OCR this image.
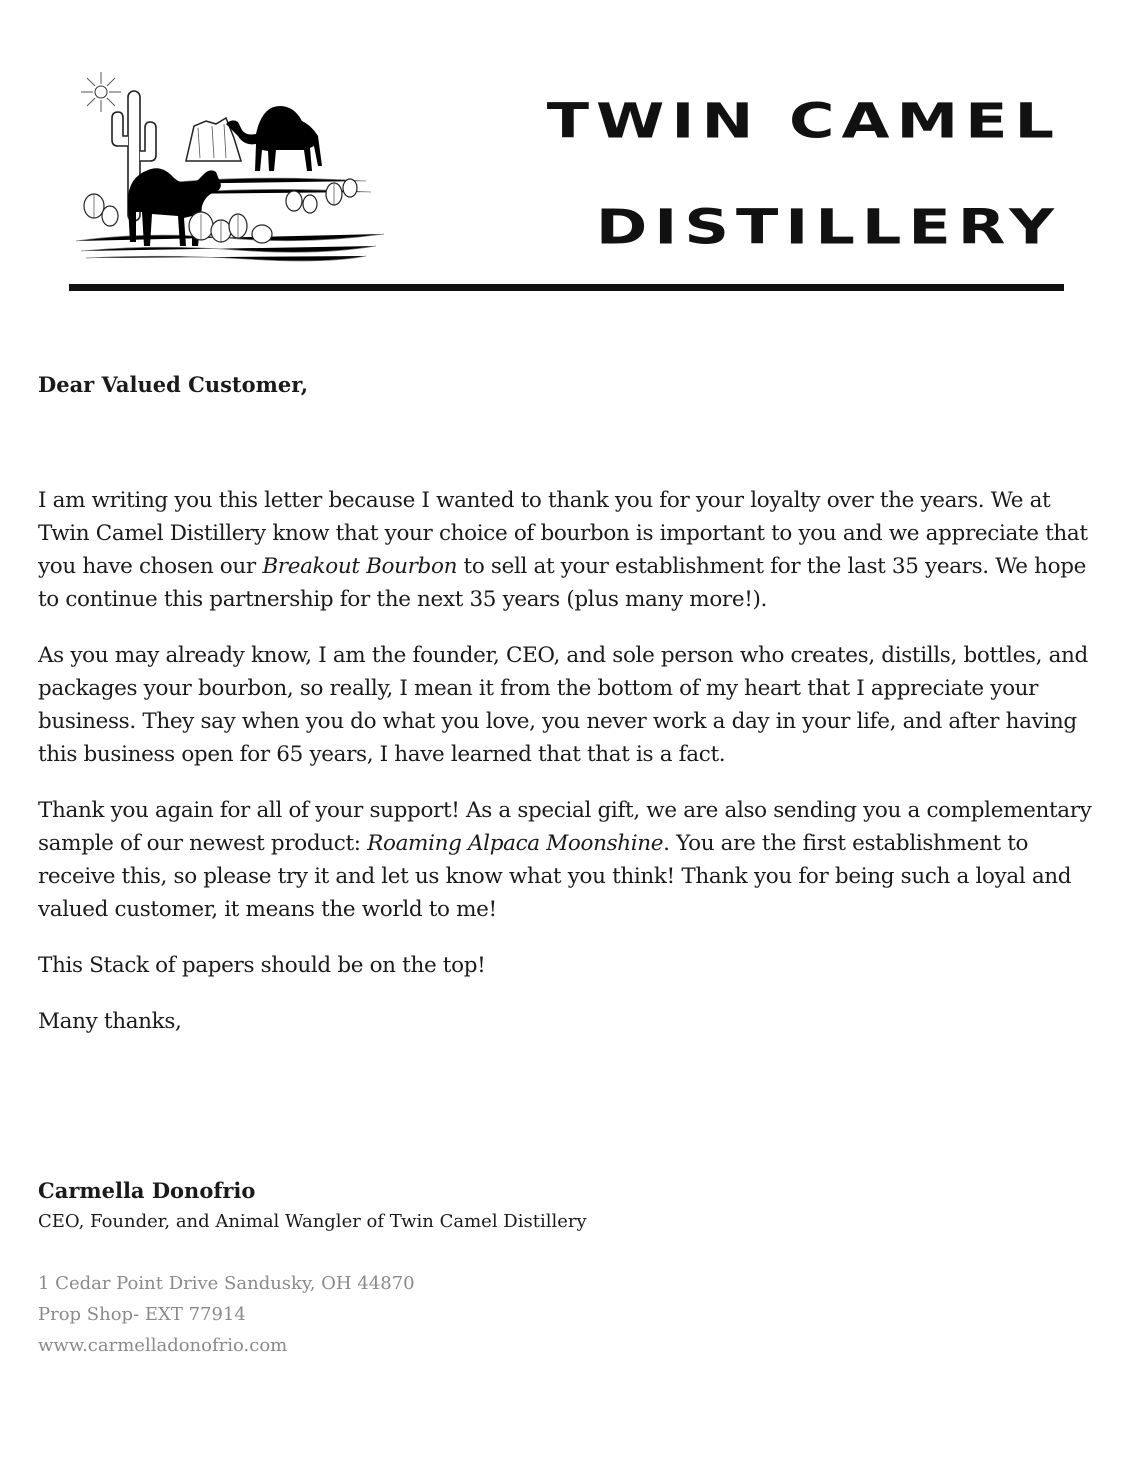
TWIN CAMEL
DISTILLERY

Dear Valued Customer,

I am writing you this letter because I wanted to thank you for your loyalty over the years. We at Twin Camel Distillery know that your choice of bourbon is important to you and we appreciate that you have chosen our Breakout Bourbon to sell at your establishment for the last 35 years. We hope to continue this partnership for the next 35 years (plus many more!).

As you may already know, I am the founder, CEO, and sole person who creates, distills, bottles, and packages your bourbon, so really, I mean it from the bottom of my heart that I appreciate your business. They say when you do what you love, you never work a day in your life, and after having this business open for 65 years, I have learned that that is a fact.

Thank you again for all of your support! As a special gift, we are also sending you a complementary sample of our newest product: Roaming Alpaca Moonshine. You are the first establishment to receive this, so please try it and let us know what you think! Thank you for being such a loyal and valued customer, it means the world to me!

This Stack of papers should be on the top!

Many thanks,

Carmella Donofrio

CEO, Founder, and Animal Wangler of Twin Camel Distillery

1 Cedar Point Drive Sandusky, OH 44870
Prop Shop- EXT 77914
www.carmelladonofrio.com
